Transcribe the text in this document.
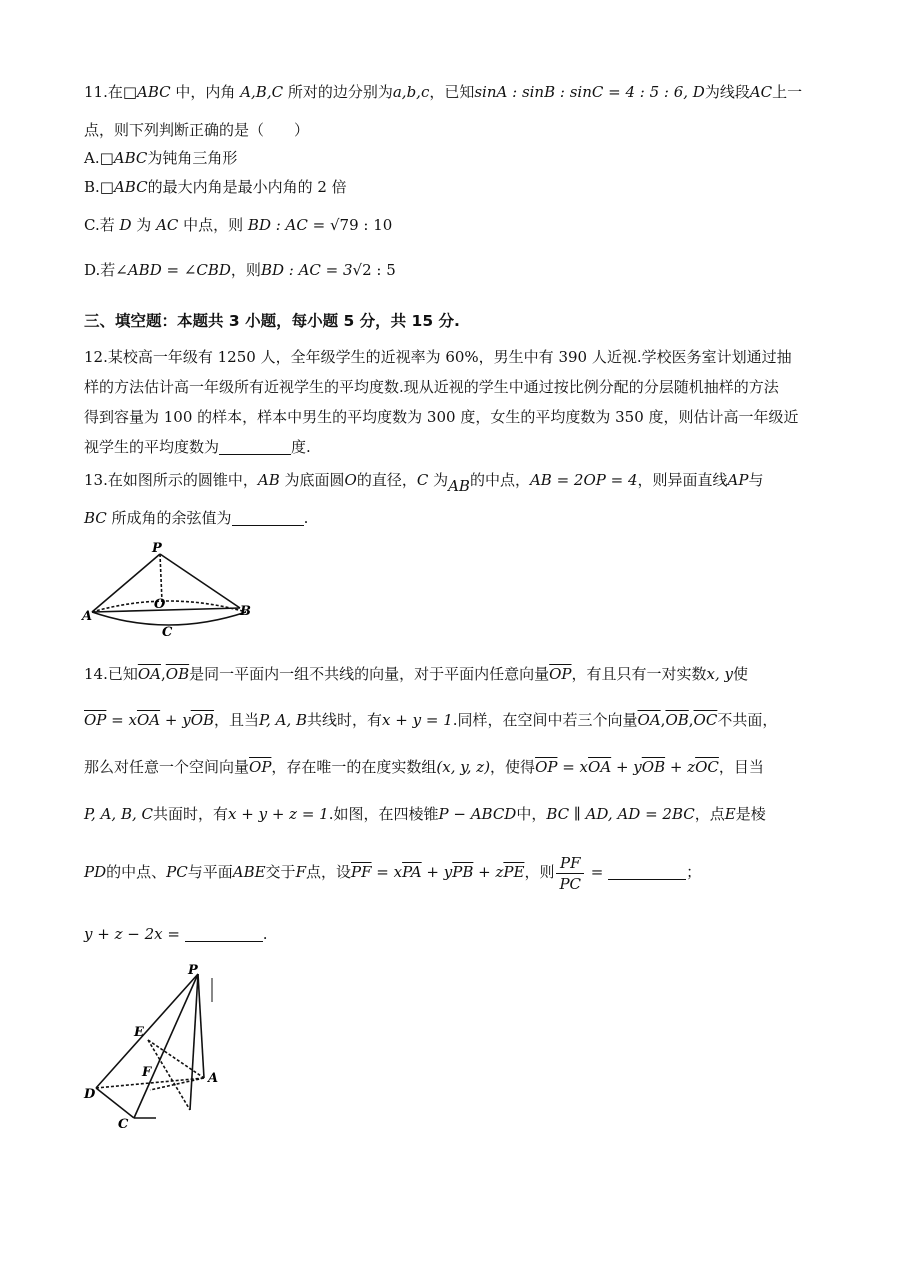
11.在□ABC 中，内角 A,B,C 所对的边分别为a,b,c，已知sinA : sinB : sinC = 4 : 5 : 6, D为线段AC上一
点，则下列判断正确的是（　　）
A.□ABC为钝角三角形
B.□ABC的最大内角是最小内角的 2 倍
C.若 D 为 AC 中点，则 BD : AC = √79 : 10
D.若∠ABD = ∠CBD，则BD : AC = 3√2 : 5
三、填空题：本题共 3 小题，每小题 5 分，共 15 分.
12.某校高一年级有 1250 人，全年级学生的近视率为 60%，男生中有 390 人近视.学校医务室计划通过抽
样的方法估计高一年级所有近视学生的平均度数.现从近视的学生中通过按比例分配的分层随机抽样的方法
得到容量为 100 的样本，样本中男生的平均度数为 300 度，女生的平均度数为 350 度，则估计高一年级近
视学生的平均度数为	度.
13.在如图所示的圆锥中，AB 为底面圆O的直径，C 为AB的中点，AB = 2OP = 4，则异面直线AP与
BC 所成角的余弦值为	.
P
A
O	B
C
14.已知$\overline{OA},\overline{OB}$是同一平面内一组不共线的向量，对于平面内任意向量$\overline{OP}$，有且只有一对实数x, y使
$\overline{OP} = x\overline{OA} + y\overline{OB}$，且当P, A, B共线时，有x + y = 1.同样，在空间中若三个向量$\overline{OA},\overline{OB},\overline{OC}$不共面，
那么对任意一个空间向量$\overline{OP}$，存在唯一的在度实数组(x, y, z)，使得$\overline{OP} = x\overline{OA} + y\overline{OB} + z\overline{OC}$，目当
P, A, B, C共面时，有x + y + z = 1.如图，在四棱锥P − ABCD中，BC ∥ AD, AD = 2BC，点E是棱
PD的中点、PC与平面ABE交于F点，设$\overline{PF} = x\overline{PA} + y\overline{PB} + z\overline{PE}$，则 $\frac{PF}{PC}$ =	；
y + z − 2x =	.
P
E
F	A
D
C
